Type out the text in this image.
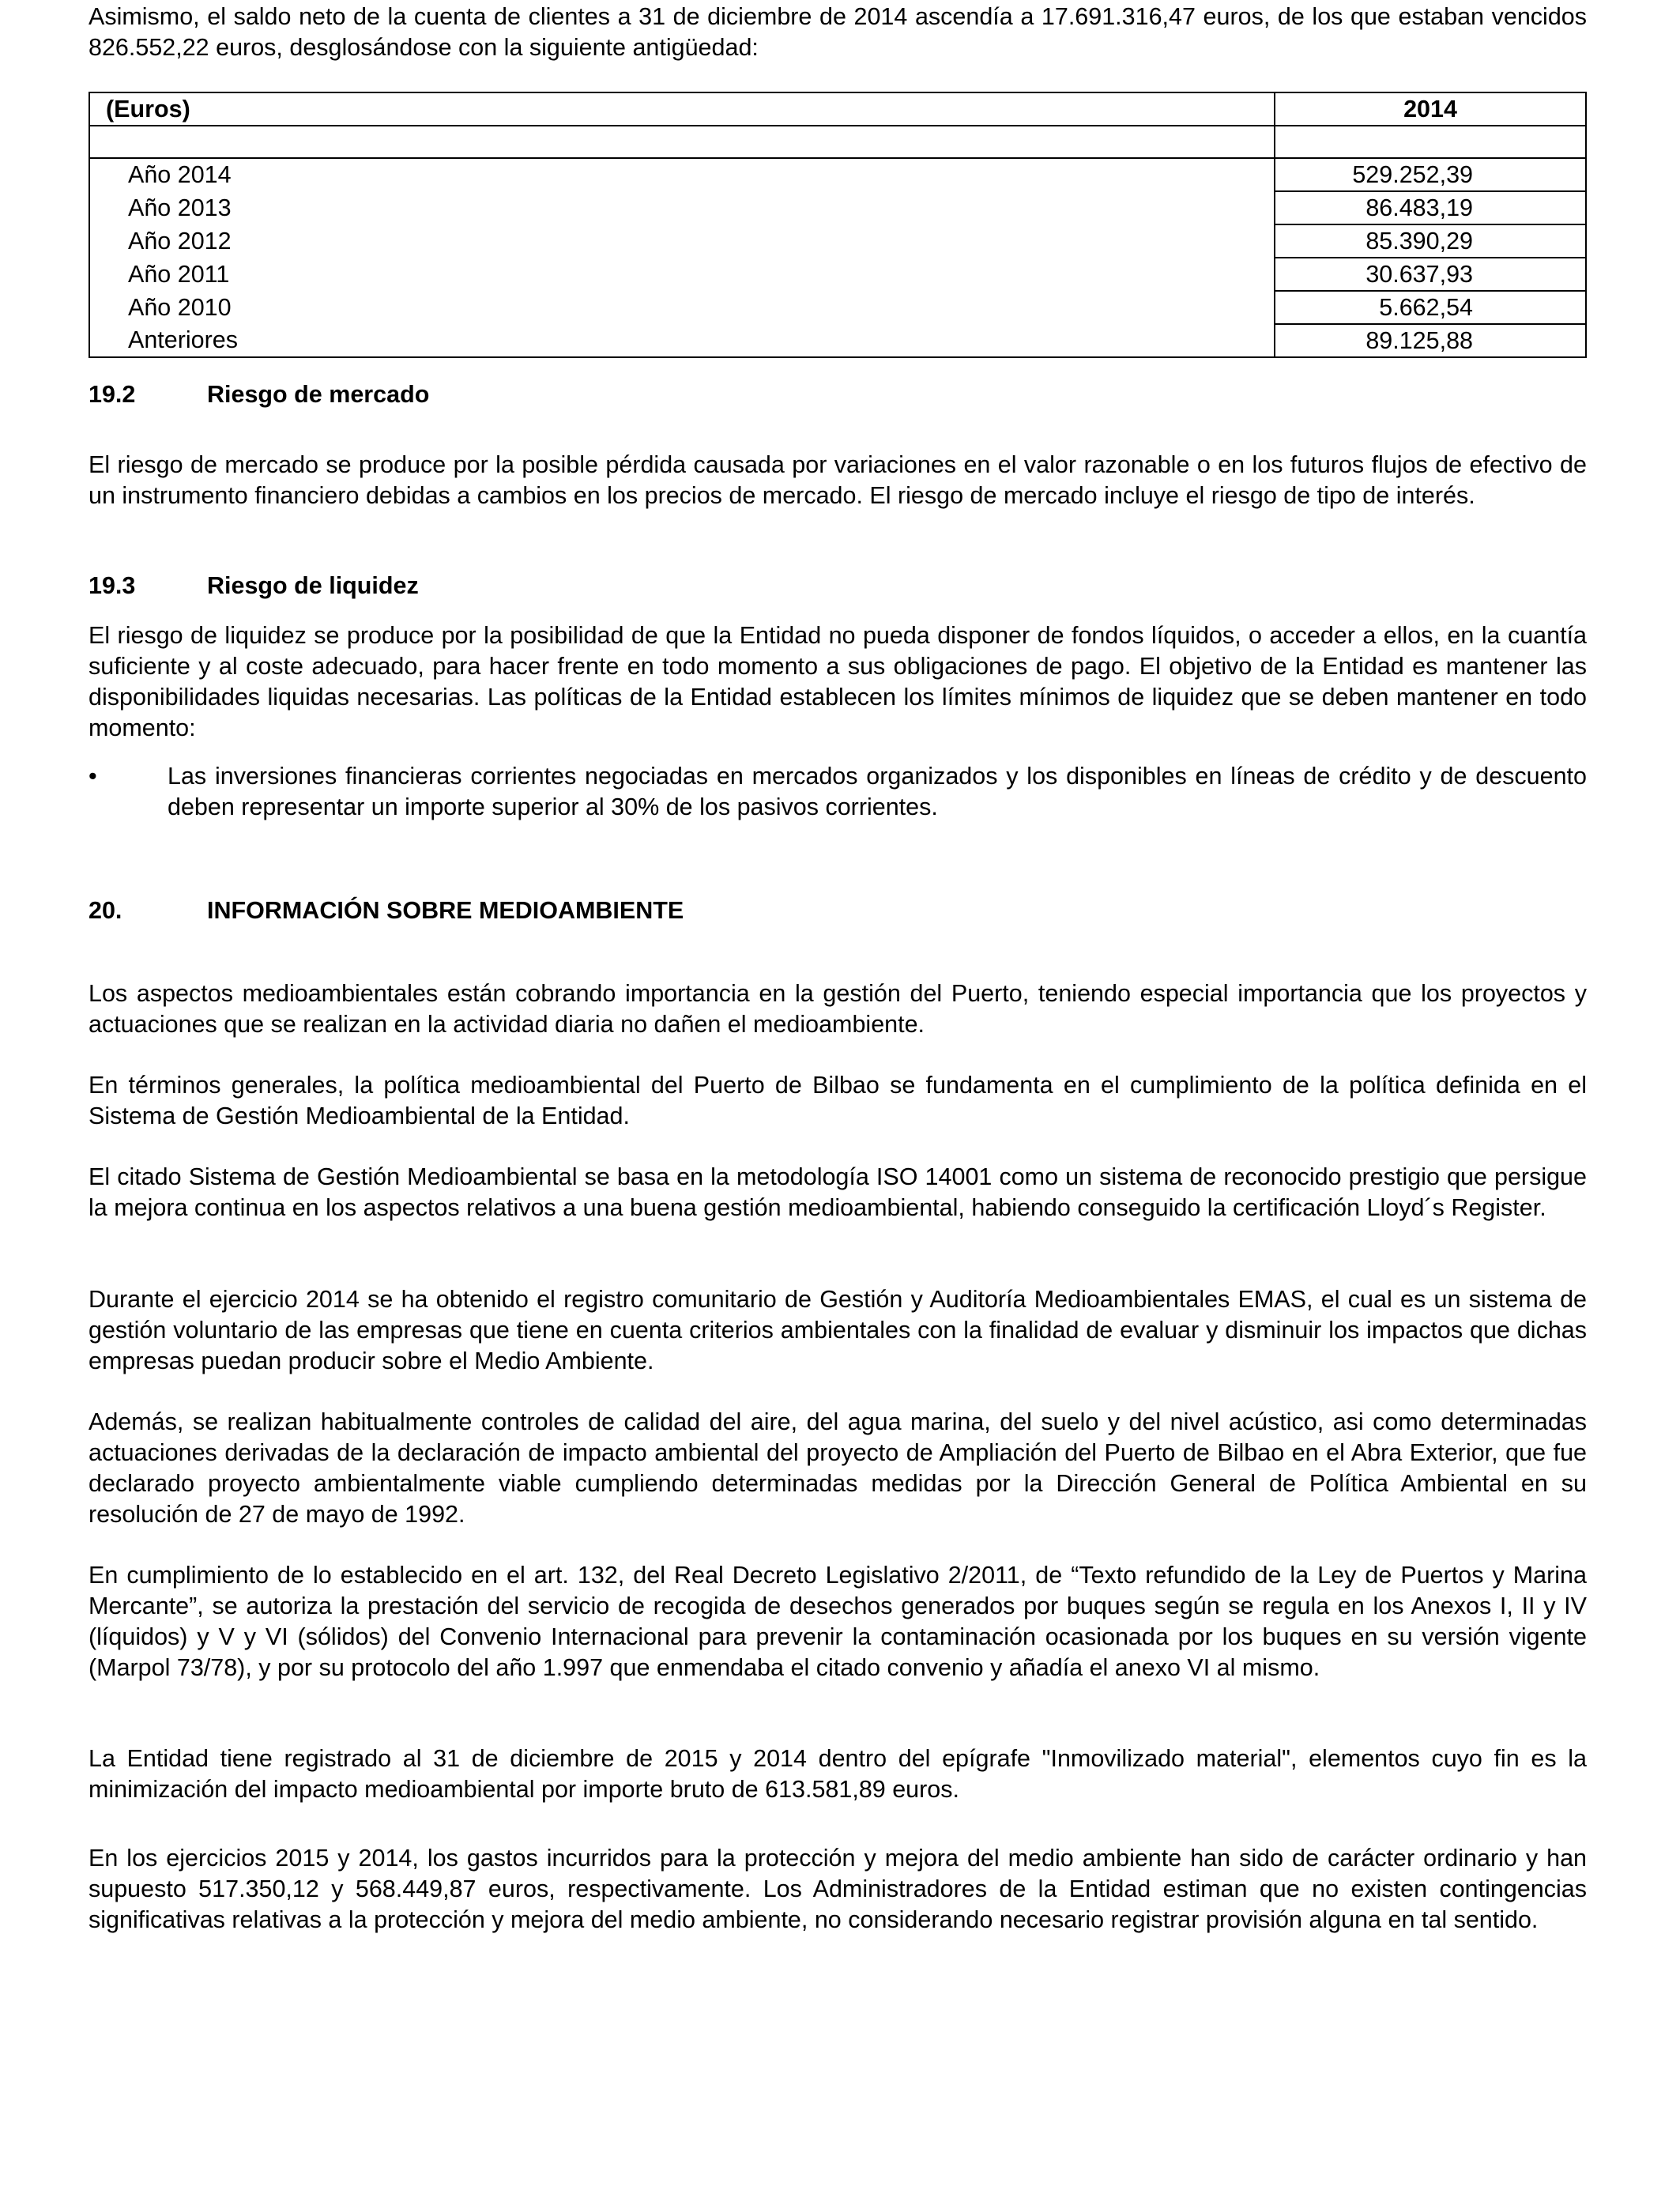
Asimismo, el saldo neto de la cuenta de clientes a 31 de diciembre de 2014 ascendía a 17.691.316,47 euros, de los que estaban vencidos 826.552,22 euros, desglosándose con la siguiente antigüedad:

(Euros)	2014

Año 2014	529.252,39
Año 2013	86.483,19
Año 2012	85.390,29
Año 2011	30.637,93
Año 2010	5.662,54
Anteriores	89.125,88
19.2	Riesgo de mercado

El riesgo de mercado se produce por la posible pérdida causada por variaciones en el valor razonable o en los futuros flujos de efectivo de un instrumento financiero debidas a cambios en los precios de mercado. El riesgo de mercado incluye el riesgo de tipo de interés.

19.3	Riesgo de liquidez

El riesgo de liquidez se produce por la posibilidad de que la Entidad no pueda disponer de fondos líquidos, o acceder a ellos, en la cuantía suficiente y al coste adecuado, para hacer frente en todo momento a sus obligaciones de pago. El objetivo de la Entidad es mantener las disponibilidades liquidas necesarias. Las políticas de la Entidad establecen los límites mínimos de liquidez que se deben mantener en todo momento:

•	Las inversiones financieras corrientes negociadas en mercados organizados y los disponibles en líneas de crédito y de descuento deben representar un importe superior al 30% de los pasivos corrientes.

20.	INFORMACIÓN SOBRE MEDIOAMBIENTE

Los aspectos medioambientales están cobrando importancia en la gestión del Puerto, teniendo especial importancia que los proyectos y actuaciones que se realizan en la actividad diaria no dañen el medioambiente.

En términos generales, la política medioambiental del Puerto de Bilbao se fundamenta en el cumplimiento de la política definida en el Sistema de Gestión Medioambiental de la Entidad.

El citado Sistema de Gestión Medioambiental se basa en la metodología ISO 14001 como un sistema de reconocido prestigio que persigue la mejora continua en los aspectos relativos a una buena gestión medioambiental, habiendo conseguido la certificación Lloyd´s Register.

Durante el ejercicio 2014 se ha obtenido el registro comunitario de Gestión y Auditoría Medioambientales EMAS, el cual es un sistema de gestión voluntario de las empresas que tiene en cuenta criterios ambientales con la finalidad de evaluar y disminuir los impactos que dichas empresas puedan producir sobre el Medio Ambiente.

Además, se realizan habitualmente controles de calidad del aire, del agua marina, del suelo y del nivel acústico, asi como determinadas actuaciones derivadas de la declaración de impacto ambiental del proyecto de Ampliación del Puerto de Bilbao en el Abra Exterior, que fue declarado proyecto ambientalmente viable cumpliendo determinadas medidas por la Dirección General de Política Ambiental en su resolución de 27 de mayo de 1992.

En cumplimiento de lo establecido en el art. 132, del Real Decreto Legislativo 2/2011, de “Texto refundido de la Ley de Puertos y Marina Mercante”, se autoriza la prestación del servicio de recogida de desechos generados por buques según se regula en los Anexos I, II y IV (líquidos) y V y VI (sólidos) del Convenio Internacional para prevenir la contaminación ocasionada por los buques en su versión vigente (Marpol 73/78), y por su protocolo del año 1.997 que enmendaba el citado convenio y añadía el anexo VI al mismo.

La Entidad tiene registrado al 31 de diciembre de 2015 y 2014 dentro del epígrafe "Inmovilizado material", elementos cuyo fin es la minimización del impacto medioambiental por importe bruto de 613.581,89 euros.

En los ejercicios 2015 y 2014, los gastos incurridos para la protección y mejora del medio ambiente han sido de carácter ordinario y han supuesto 517.350,12 y 568.449,87 euros, respectivamente. Los Administradores de la Entidad estiman que no existen contingencias significativas relativas a la protección y mejora del medio ambiente, no considerando necesario registrar provisión alguna en tal sentido.
